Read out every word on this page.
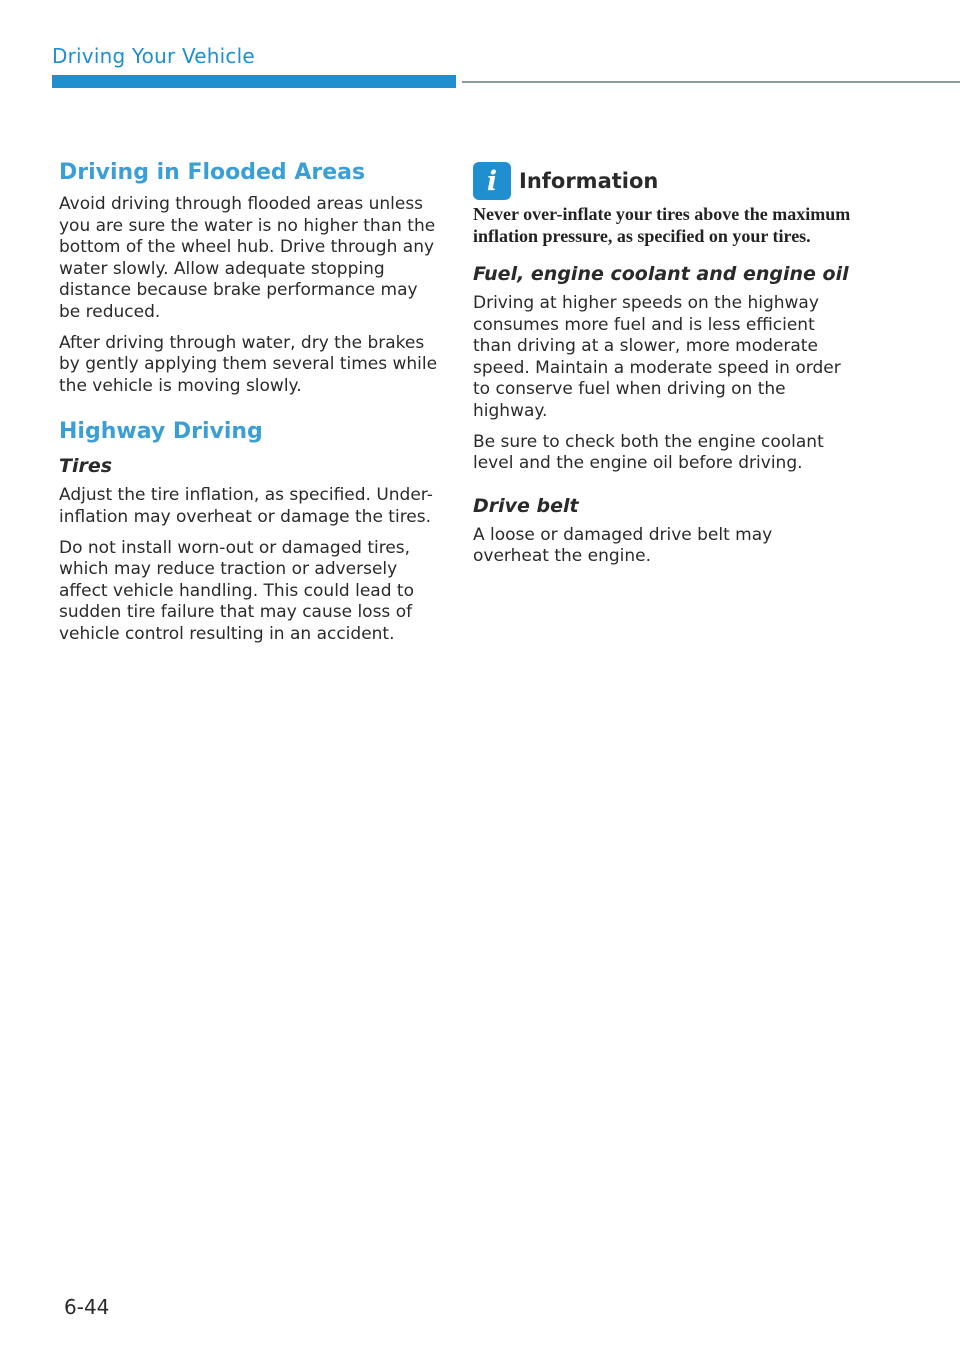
Driving Your Vehicle
Driving in Flooded Areas

Avoid driving through flooded areas unless you are sure the water is no higher than the bottom of the wheel hub. Drive through any water slowly. Allow adequate stopping distance because brake performance may be reduced.

After driving through water, dry the brakes by gently applying them several times while the vehicle is moving slowly.

Highway Driving
Tires

Adjust the tire inflation, as specified. Under-inflation may overheat or damage the tires.

Do not install worn-out or damaged tires, which may reduce traction or adversely affect vehicle handling. This could lead to sudden tire failure that may cause loss of vehicle control resulting in an accident.

i	Information

Never over-inflate your tires above the maximum inflation pressure, as specified on your tires.

Fuel, engine coolant and engine oil

Driving at higher speeds on the highway consumes more fuel and is less efficient than driving at a slower, more moderate speed. Maintain a moderate speed in order to conserve fuel when driving on the highway.

Be sure to check both the engine coolant level and the engine oil before driving.

Drive belt

A loose or damaged drive belt may overheat the engine.

6-44
